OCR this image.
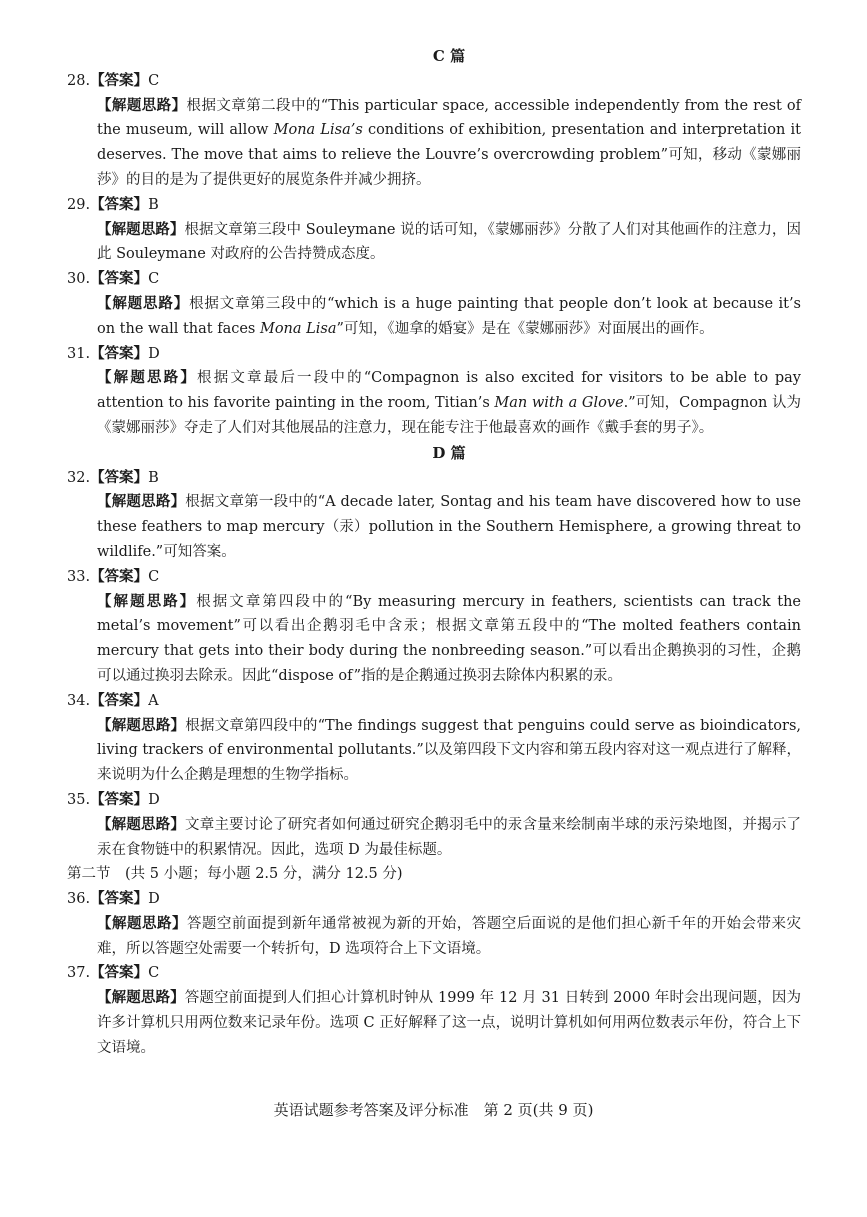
C 篇

28.【答案】C

【解题思路】根据文章第二段中的“This particular space, accessible independently from the rest of the museum, will allow Mona Lisa’s conditions of exhibition, presentation and interpretation it deserves. The move that aims to relieve the Louvre’s overcrowding problem”可知，移动《蒙娜丽莎》的目的是为了提供更好的展览条件并减少拥挤。

29.【答案】B

【解题思路】根据文章第三段中 Souleymane 说的话可知，《蒙娜丽莎》分散了人们对其他画作的注意力，因此 Souleymane 对政府的公告持赞成态度。

30.【答案】C

【解题思路】根据文章第三段中的“which is a huge painting that people don’t look at because it’s on the wall that faces Mona Lisa”可知，《迦拿的婚宴》是在《蒙娜丽莎》对面展出的画作。

31.【答案】D

【解题思路】根据文章最后一段中的“Compagnon is also excited for visitors to be able to pay attention to his favorite painting in the room, Titian’s Man with a Glove.”可知，Compagnon 认为《蒙娜丽莎》夺走了人们对其他展品的注意力，现在能专注于他最喜欢的画作《戴手套的男子》。

D 篇

32.【答案】B

【解题思路】根据文章第一段中的“A decade later, Sontag and his team have discovered how to use these feathers to map mercury（汞）pollution in the Southern Hemisphere, a growing threat to wildlife.”可知答案。

33.【答案】C

【解题思路】根据文章第四段中的“By measuring mercury in feathers, scientists can track the metal’s movement”可以看出企鹅羽毛中含汞；根据文章第五段中的“The molted feathers contain mercury that gets into their body during the nonbreeding season.”可以看出企鹅换羽的习性，企鹅可以通过换羽去除汞。因此“dispose of”指的是企鹅通过换羽去除体内积累的汞。

34.【答案】A

【解题思路】根据文章第四段中的“The findings suggest that penguins could serve as bioindicators, living trackers of environmental pollutants.”以及第四段下文内容和第五段内容对这一观点进行了解释，来说明为什么企鹅是理想的生物学指标。

35.【答案】D

【解题思路】文章主要讨论了研究者如何通过研究企鹅羽毛中的汞含量来绘制南半球的汞污染地图，并揭示了汞在食物链中的积累情况。因此，选项 D 为最佳标题。

第二节　(共 5 小题；每小题 2.5 分，满分 12.5 分)
36.【答案】D

【解题思路】答题空前面提到新年通常被视为新的开始，答题空后面说的是他们担心新千年的开始会带来灾难，所以答题空处需要一个转折句，D 选项符合上下文语境。

37.【答案】C

【解题思路】答题空前面提到人们担心计算机时钟从 1999 年 12 月 31 日转到 2000 年时会出现问题，因为许多计算机只用两位数来记录年份。选项 C 正好解释了这一点，说明计算机如何用两位数表示年份，符合上下文语境。

英语试题参考答案及评分标准　第 2 页(共 9 页)
